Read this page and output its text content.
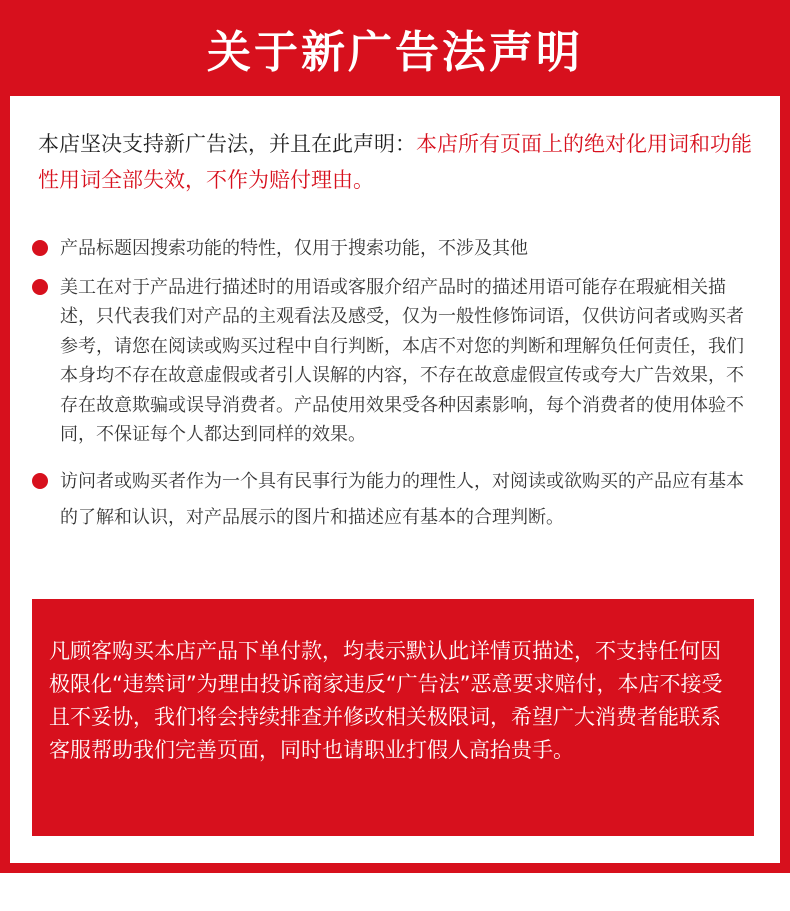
关于新广告法声明
本店坚决支持新广告法，并且在此声明：本店所有页面上的绝对化用词和功能性用词全部失效，不作为赔付理由。
产品标题因搜索功能的特性，仅用于搜索功能，不涉及其他
美工在对于产品进行描述时的用语或客服介绍产品时的描述用语可能存在瑕疵相关描述，只代表我们对产品的主观看法及感受，仅为一般性修饰词语，仅供访问者或购买者参考，请您在阅读或购买过程中自行判断，本店不对您的判断和理解负任何责任，我们本身均不存在故意虚假或者引人误解的内容，不存在故意虚假宣传或夸大广告效果，不存在故意欺骗或误导消费者。产品使用效果受各种因素影响，每个消费者的使用体验不同，不保证每个人都达到同样的效果。
访问者或购买者作为一个具有民事行为能力的理性人，对阅读或欲购买的产品应有基本的了解和认识，对产品展示的图片和描述应有基本的合理判断。
凡顾客购买本店产品下单付款，均表示默认此详情页描述，不支持任何因极限化“违禁词”为理由投诉商家违反“广告法”恶意要求赔付，本店不接受且不妥协，我们将会持续排查并修改相关极限词，希望广大消费者能联系客服帮助我们完善页面，同时也请职业打假人高抬贵手。
